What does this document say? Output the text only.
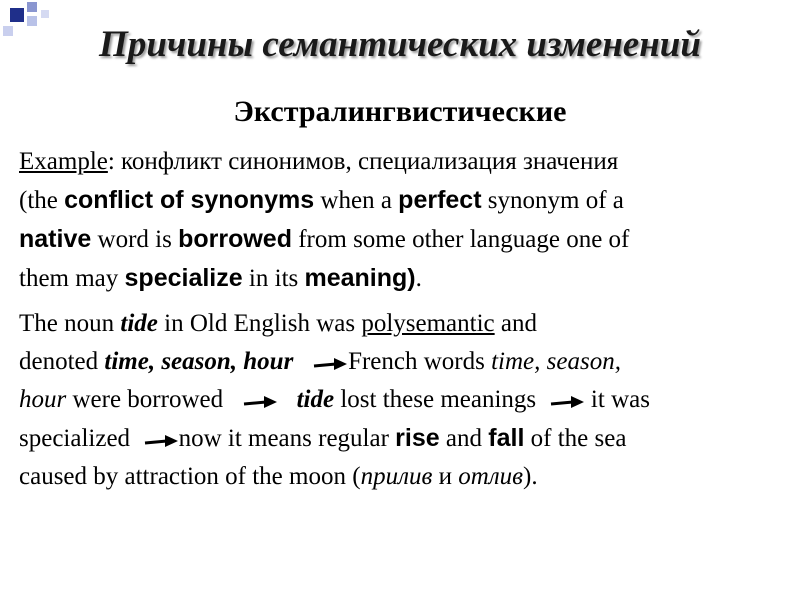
Причины семантических изменений
Экстралингвистические

Example: конфликт синонимов, специализация значения
(the conflict of synonyms when a perfect synonym of a
native word is borrowed from some other language one of
them may specialize in its meaning).

The noun tide in Old English was polysemantic and
denoted time, season, hour French words time, season,
hour were borrowed	tide lost these meanings   it was
specialized  now it means regular rise and fall of the sea
caused by attraction of the moon (прилив и отлив).
